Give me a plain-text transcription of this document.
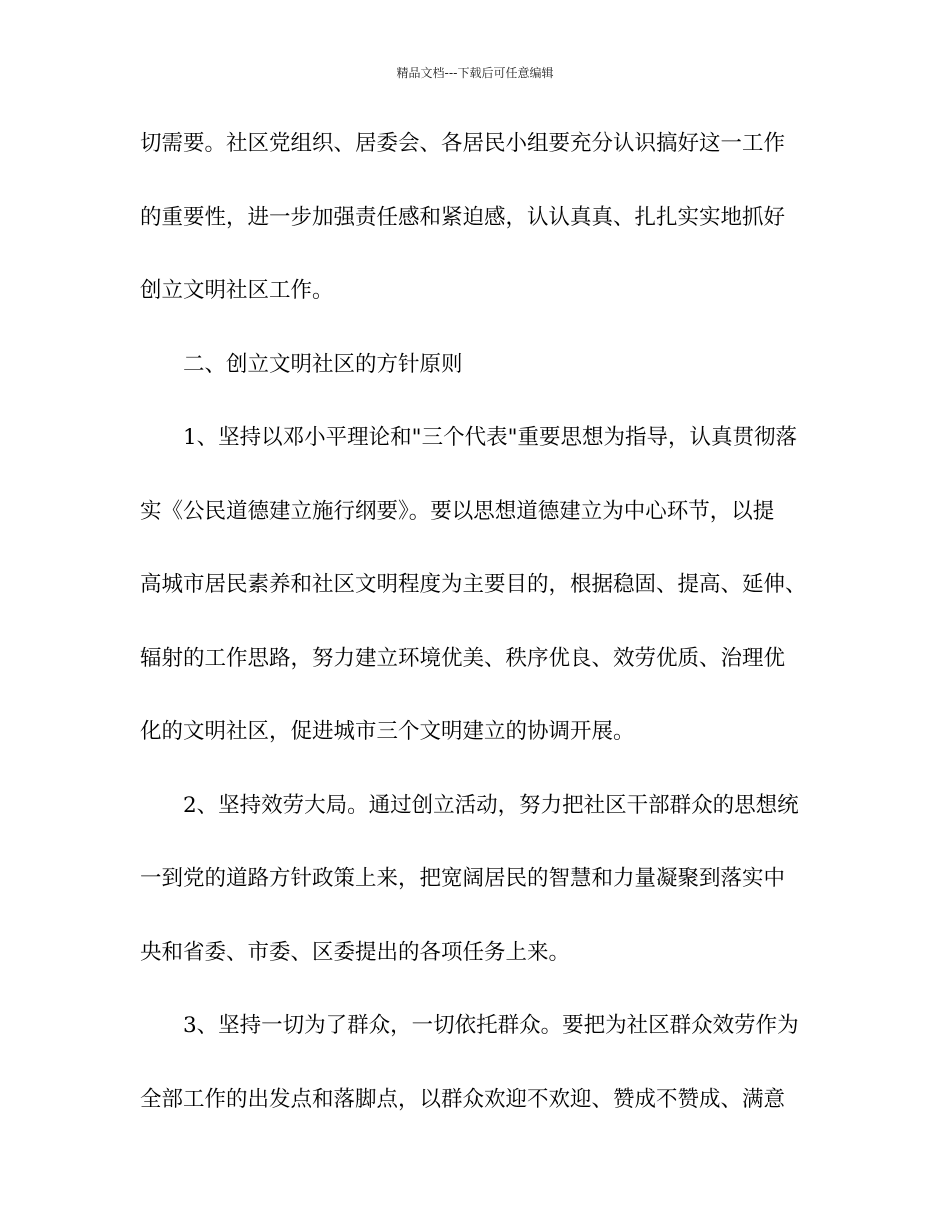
精品文档---下载后可任意编辑
切需要。社区党组织、居委会、各居民小组要充分认识搞好这一工作
的重要性，进一步加强责任感和紧迫感，认认真真、扎扎实实地抓好
创立文明社区工作。
二、创立文明社区的方针原则
1、坚持以邓小平理论和"三个代表"重要思想为指导，认真贯彻落
实《公民道德建立施行纲要》。要以思想道德建立为中心环节，以提
高城市居民素养和社区文明程度为主要目的，根据稳固、提高、延伸、
辐射的工作思路，努力建立环境优美、秩序优良、效劳优质、治理优
化的文明社区，促进城市三个文明建立的协调开展。
2、坚持效劳大局。通过创立活动，努力把社区干部群众的思想统
一到党的道路方针政策上来，把宽阔居民的智慧和力量凝聚到落实中
央和省委、市委、区委提出的各项任务上来。
3、坚持一切为了群众，一切依托群众。要把为社区群众效劳作为
全部工作的出发点和落脚点，以群众欢迎不欢迎、赞成不赞成、满意
